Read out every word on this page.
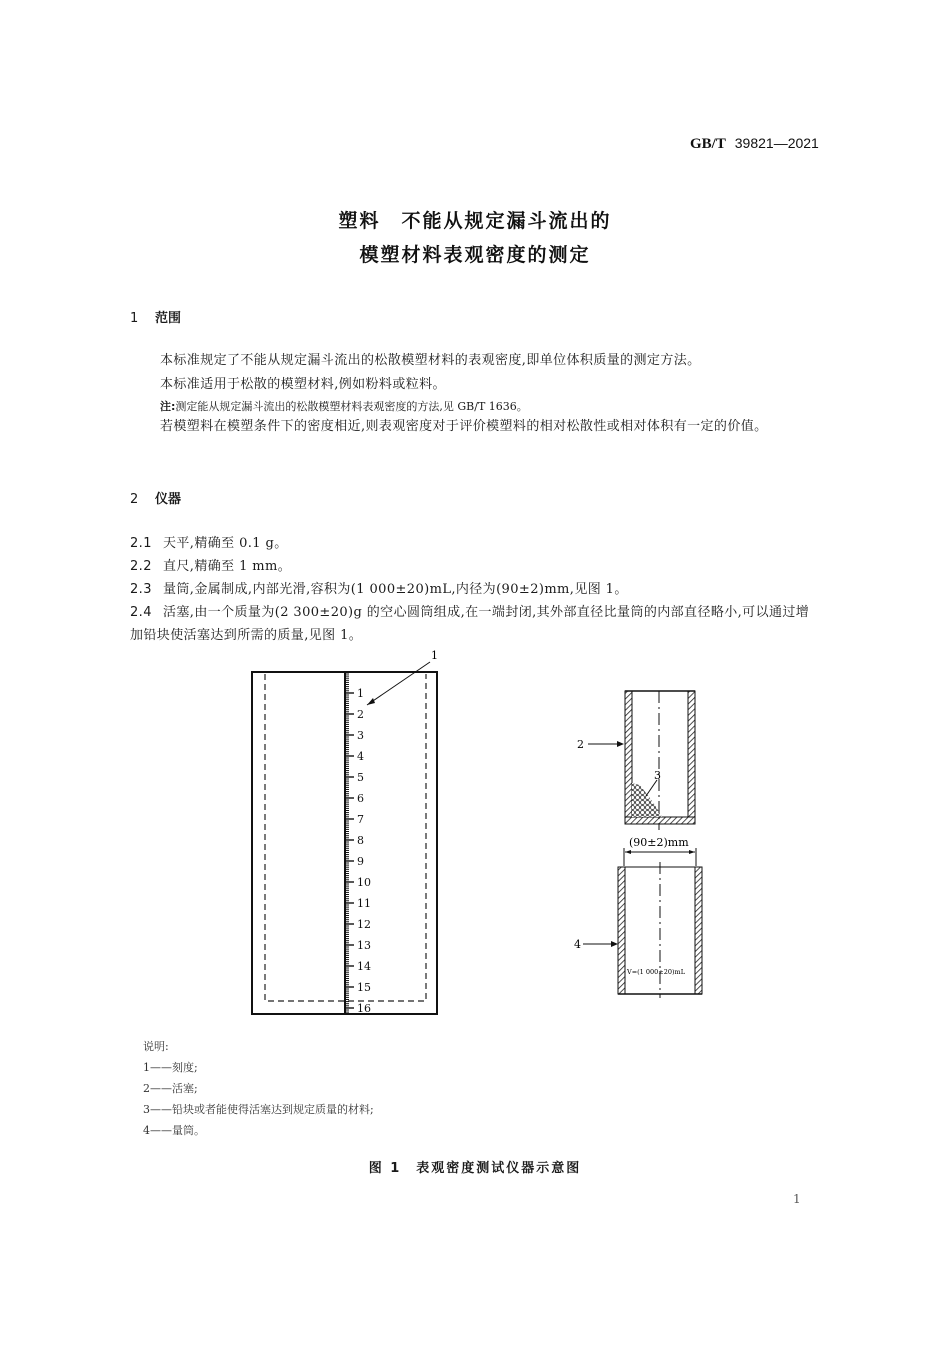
GB/T 39821—2021
塑料　不能从规定漏斗流出的
模塑材料表观密度的测定
1 范围
本标准规定了不能从规定漏斗流出的松散模塑材料的表观密度,即单位体积质量的测定方法。
本标准适用于松散的模塑材料,例如粉料或粒料。
注:测定能从规定漏斗流出的松散模塑材料表观密度的方法,见 GB/T 1636。
若模塑料在模塑条件下的密度相近,则表观密度对于评价模塑料的相对松散性或相对体积有一定的价值。
2 仪器
2.1 天平,精确至 0.1 g。
2.2 直尺,精确至 1 mm。
2.3 量筒,金属制成,内部光滑,容积为(1 000±20)mL,内径为(90±2)mm,见图 1。
2.4 活塞,由一个质量为(2 300±20)g 的空心圆筒组成,在一端封闭,其外部直径比量筒的内部直径略小,可以通过增加铅块使活塞达到所需的质量,见图 1。
1
2
3
4
5
6
7
8
9
10
11
12
13
14
15
16
1
2
3
(90±2)mm
V=(1 000±20)mL
4
说明:
1——刻度;
2——活塞;
3——铅块或者能使得活塞达到规定质量的材料;
4——量筒。
图 1　表观密度测试仪器示意图
1
